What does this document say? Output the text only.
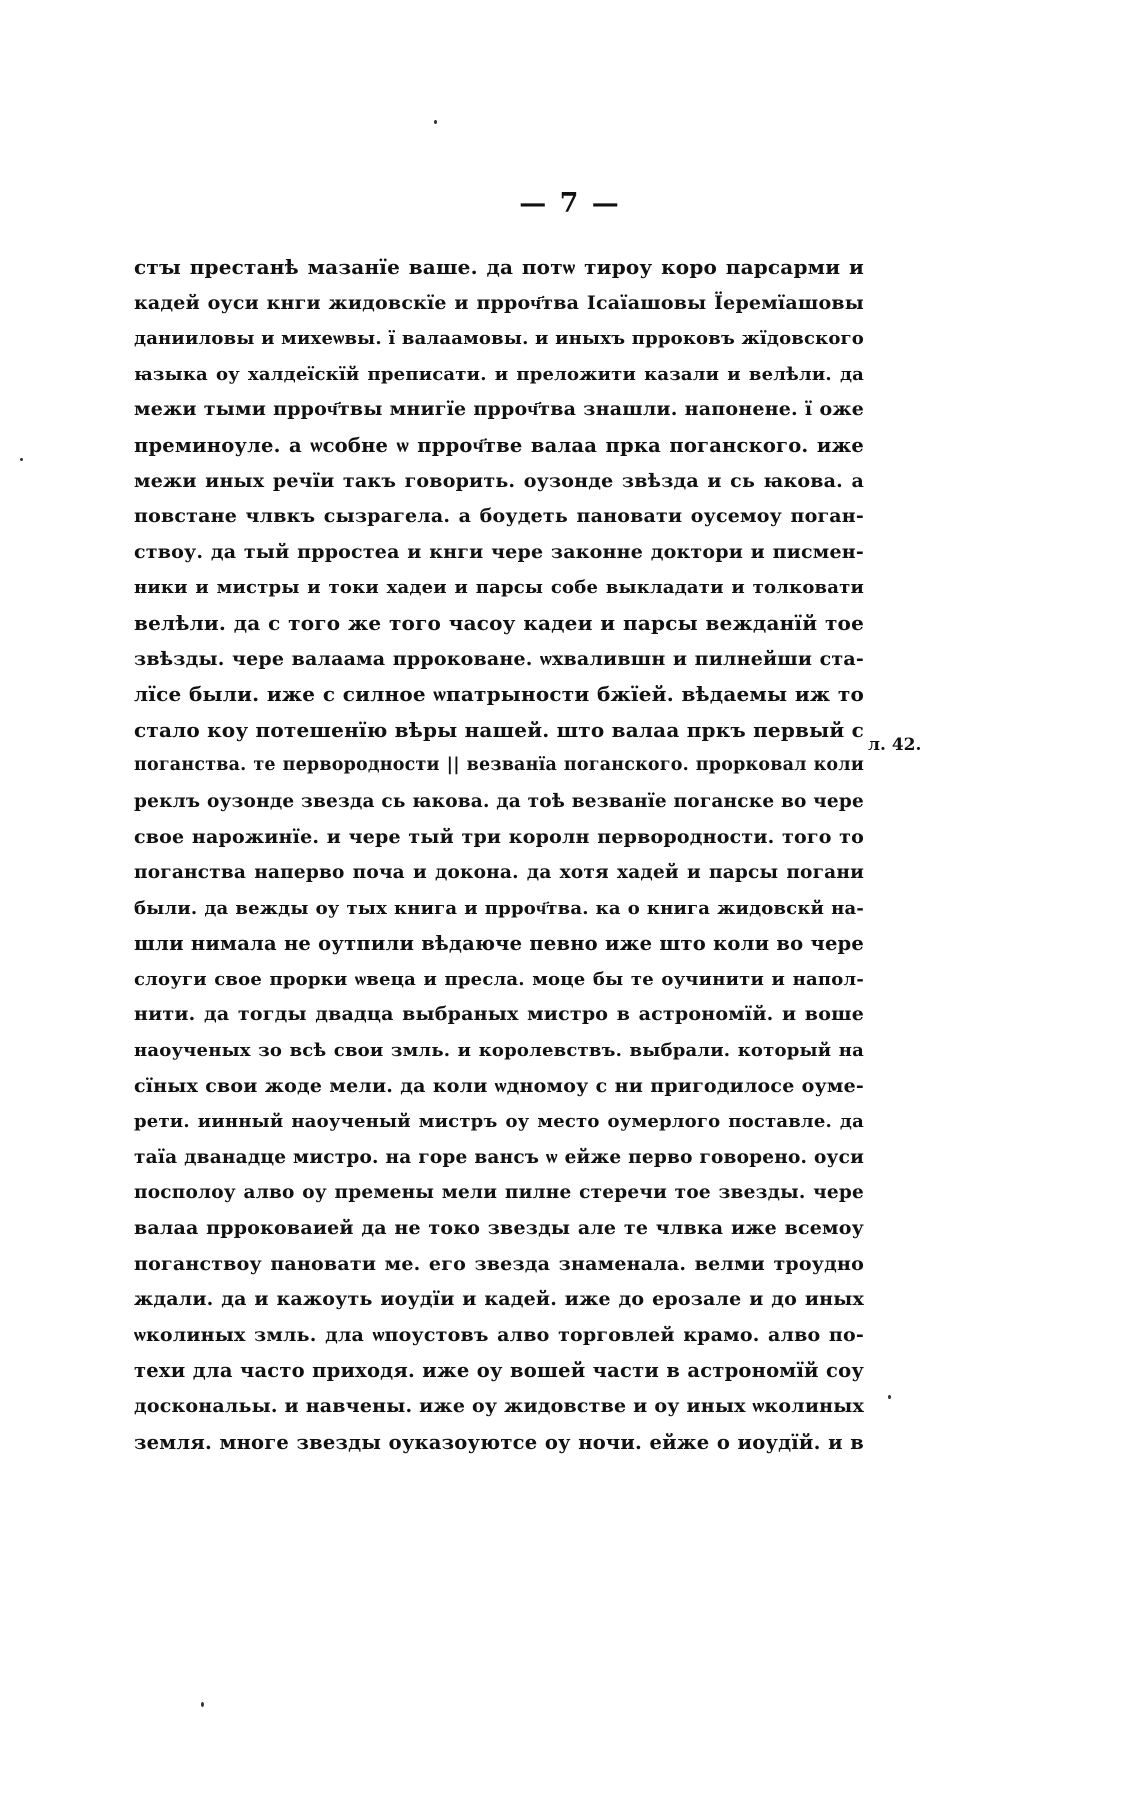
— 7 —
стꙑ престанѣ мазанїе ваше. да потѡ тироу коро парсарми и
кадей оуси кнги жидовскїе и прроч҃тва Ісаїашовы Їеремїашовы
данииловы и михеѡвы. ї валаамовы. и иныхъ прроковъ жїдовского
ꙗзыка оу халдеїскїй преписати. и преложити казали и велѣли. да
межи тыми прроч҃твы мнигїе прроч҃тва знашли. напонене. ї оже
преминоуле. а ѡсобне ѡ прроч҃тве валаа прка поганского. иже
межи иных речїи такъ говорить. оузонде звѣзда и сь ꙗкова. а
повстане члвкъ сызрагела. а боудеть пановати оусемоу поган-
ствоу. да тый прростеа и кнги чере законне доктори и писмен-
ники и мистры и токи хадеи и парсы собе выкладати и толковати
велѣли. да с того же того часоу кадеи и парсы вежданїй тое
звѣзды. чере валаама прроковане. ѡхвалившн и пилнейши ста-
лїсе были. иже с силное ѡпатрыности бжїей. вѣдаемы иж то
стало коу потешенїю вѣры нашей. што валаа пркъ первый с
поганства. те первородности || везванїа поганского. прорковал коли
реклъ оузонде звезда сь ꙗкова. да тоѣ везванїе поганске во чере
свое нарожинїе. и чере тый три королн первородности. того то
поганства наперво поча и докона. да хотя хадей и парсы погани
были. да вежды оу тых книга и прроч҃тва. ка о книга жидовскй на-
шли нимала не оутпили вѣдаюче певно иже што коли во чере
слоуги свое прорки ѡвеца и пресла. моце бы те оучинити и напол-
нити. да тогды двадца выбраных мистро в астрономїй. и воше
наоученых зо всѣ свои змль. и королевствъ. выбрали. который на
сїных свои жоде мели. да коли ѡдномоу с ни пригодилосе оуме-
рети. иинный наоученый мистръ оу место оумерлого поставле. да
таїа дванадце мистро. на горе вансъ ѡ ейже перво говорено. оуси
посполоу алво оу премены мели пилне стеречи тое звезды. чере
валаа прроковаией да не токо звезды але те члвка иже всемоу
поганствоу пановати ме. его звезда знаменала. велми троудно
ждали. да и кажоуть иоудїи и кадей. иже до ерозале и до иных
ѡколиных змль. дла ѡпоустовъ алво торговлей крамо. алво по-
техи дла часто приходя. иже оу вошей части в астрономїй соу
доскональы. и навчены. иже оу жидовстве и оу иных ѡколиных
земля. многе звезды оуказоуютсе оу ночи. ейже о иоудїй. и в
л. 42.
